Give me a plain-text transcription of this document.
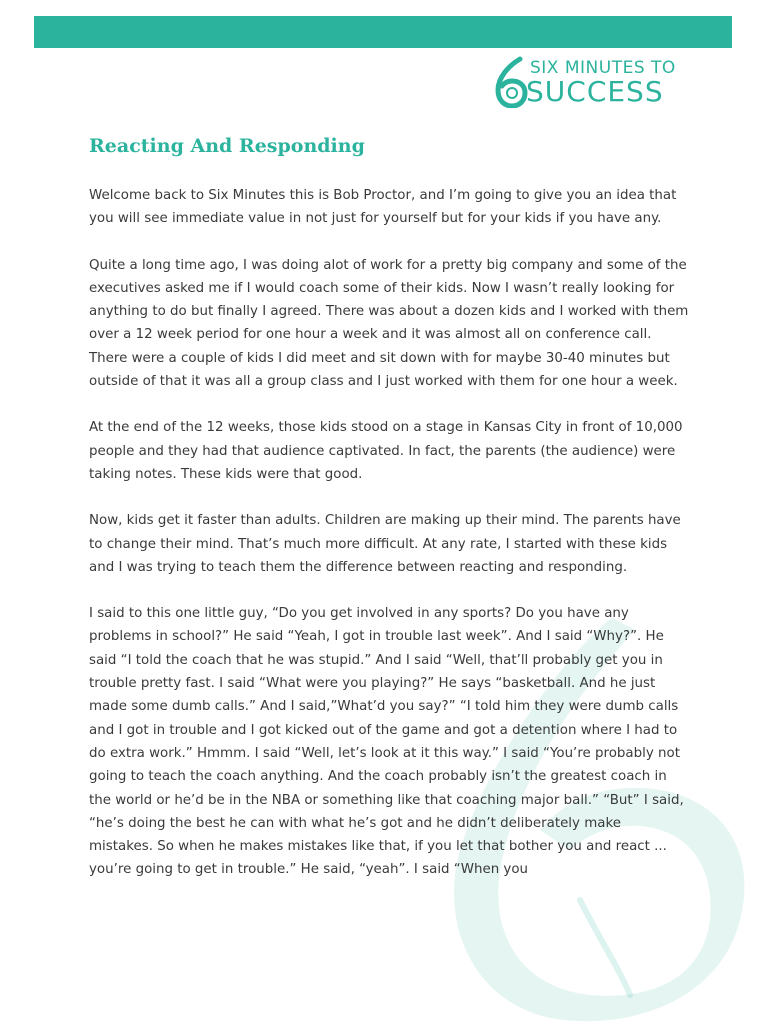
SIX MINUTES TO
SUCCESS
Reacting And Responding

Welcome back to Six Minutes this is Bob Proctor, and I’m going to give you an idea that you will see immediate value in not just for yourself but for your kids if you have any.

Quite a long time ago, I was doing alot of work for a pretty big company and some of the executives asked me if I would coach some of their kids. Now I wasn’t really looking for anything to do but finally I agreed. There was about a dozen kids and I worked with them over a 12 week period for one hour a week and it was almost all on conference call. There were a couple of kids I did meet and sit down with for maybe 30-40 minutes but outside of that it was all a group class and I just worked with them for one hour a week.

At the end of the 12 weeks, those kids stood on a stage in Kansas City in front of 10,000 people and they had that audience captivated. In fact, the parents (the audience) were taking notes. These kids were that good.

Now, kids get it faster than adults. Children are making up their mind. The parents have to change their mind. That’s much more difficult. At any rate, I started with these kids and I was trying to teach them the difference between reacting and responding.

I said to this one little guy, “Do you get involved in any sports? Do you have any problems in school?” He said “Yeah, I got in trouble last week”. And I said “Why?”. He said “I told the coach that he was stupid.” And I said “Well, that’ll probably get you in trouble pretty fast. I said “What were you playing?” He says “basketball. And he just made some dumb calls.” And I said,”What’d you say?” “I told him they were dumb calls and I got in trouble and I got kicked out of the game and got a detention where I had to do extra work.” Hmmm. I said “Well, let’s look at it this way.” I said “You’re probably not going to teach the coach anything. And the coach probably isn’t the greatest coach in the world or he’d be in the NBA or something like that coaching major ball.” “But” I said, “he’s doing the best he can with what he’s got and he didn’t deliberately make mistakes. So when he makes mistakes like that, if you let that bother you and react ... you’re going to get in trouble.” He said, “yeah”. I said “When you
